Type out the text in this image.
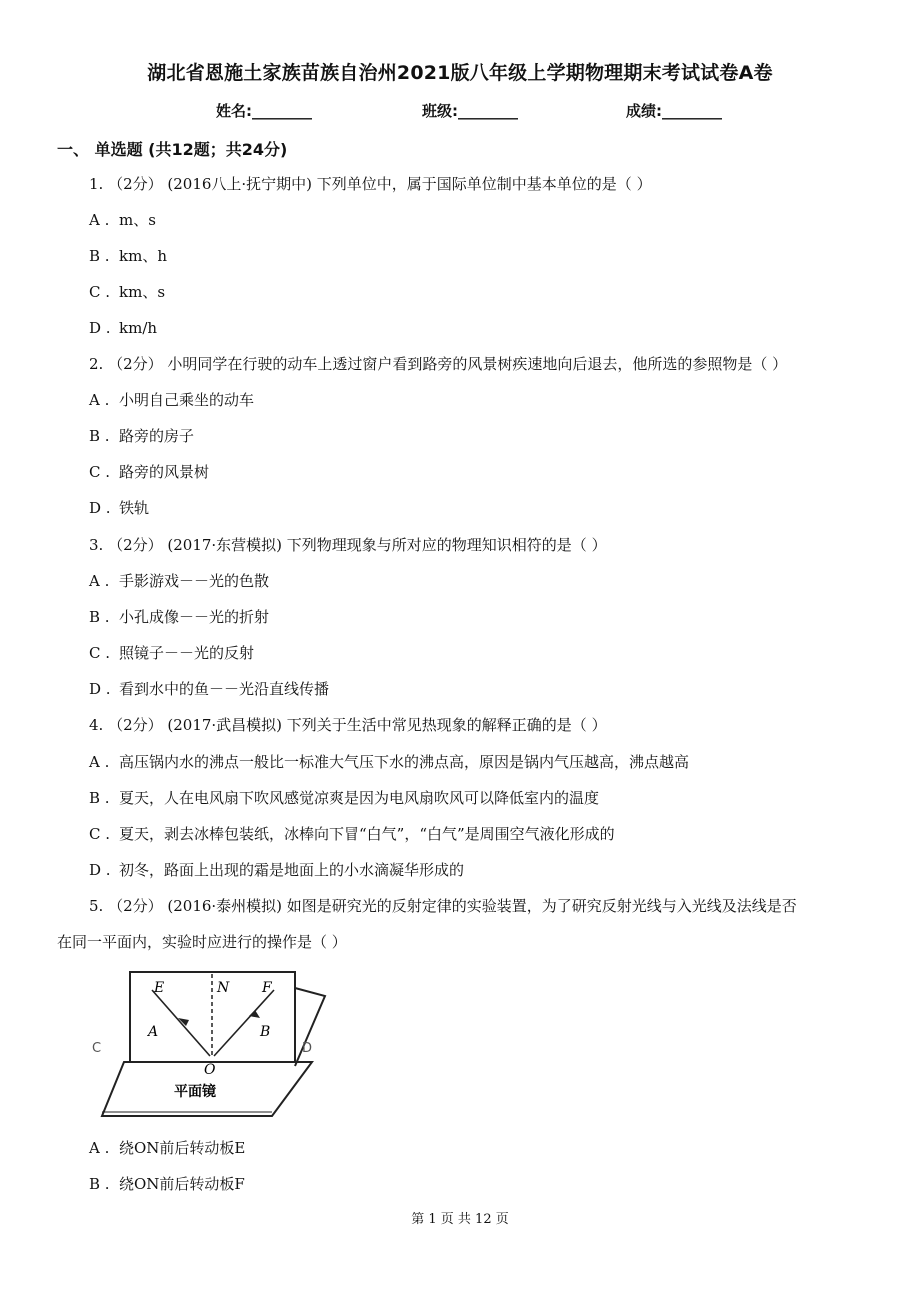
湖北省恩施土家族苗族自治州2021版八年级上学期物理期末考试试卷A卷
姓名:________	班级:________	成绩:________
一、 单选题 (共12题；共24分)
1. （2分） (2016八上·抚宁期中) 下列单位中，属于国际单位制中基本单位的是（ ）
A . m、s
B . km、h
C . km、s
D . km/h
2. （2分） 小明同学在行驶的动车上透过窗户看到路旁的风景树疾速地向后退去，他所选的参照物是（ ）
A . 小明自己乘坐的动车
B . 路旁的房子
C . 路旁的风景树
D . 铁轨
3. （2分） (2017·东营模拟) 下列物理现象与所对应的物理知识相符的是（ ）
A . 手影游戏－－光的色散
B . 小孔成像－－光的折射
C . 照镜子－－光的反射
D . 看到水中的鱼－－光沿直线传播
4. （2分） (2017·武昌模拟) 下列关于生活中常见热现象的解释正确的是（ ）
A . 高压锅内水的沸点一般比一标准大气压下水的沸点高，原因是锅内气压越高，沸点越高
B . 夏天，人在电风扇下吹风感觉凉爽是因为电风扇吹风可以降低室内的温度
C . 夏天，剥去冰棒包装纸，冰棒向下冒“白气”，“白气”是周围空气液化形成的
D . 初冬，路面上出现的霜是地面上的小水滴凝华形成的
5. （2分） (2016·泰州模拟) 如图是研究光的反射定律的实验装置，为了研究反射光线与入光线及法线是否
在同一平面内，实验时应进行的操作是（ ）
E	N F
A	B
C	D
O
平面镜
A . 绕ON前后转动板E
B . 绕ON前后转动板F
第 1 页 共 12 页
